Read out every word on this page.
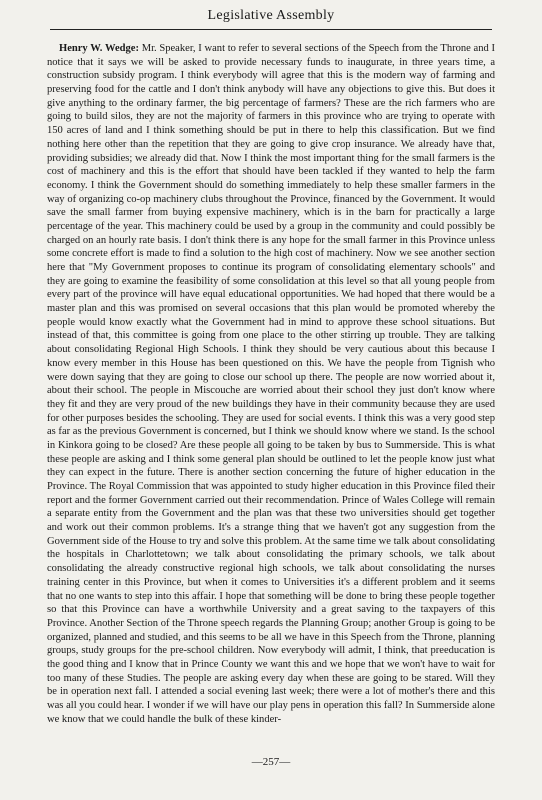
Legislative Assembly

Henry W. Wedge: Mr. Speaker, I want to refer to several sections of the Speech from the Throne and I notice that it says we will be asked to provide necessary funds to inaugurate, in three years time, a construction subsidy program. I think everybody will agree that this is the modern way of farming and preserving food for the cattle and I don't think anybody will have any objections to give this. But does it give anything to the ordinary farmer, the big percentage of farmers? These are the rich farmers who are going to build silos, they are not the majority of farmers in this province who are trying to operate with 150 acres of land and I think something should be put in there to help this classification. But we find nothing here other than the repetition that they are going to give crop insurance. We already have that, providing subsidies; we already did that. Now I think the most important thing for the small farmers is the cost of machinery and this is the effort that should have been tackled if they wanted to help the farm economy. I think the Government should do something immediately to help these smaller farmers in the way of organizing co-op machinery clubs throughout the Province, financed by the Government. It would save the small farmer from buying expensive machinery, which is in the barn for practically a large percentage of the year. This machinery could be used by a group in the community and could possibly be charged on an hourly rate basis. I don't think there is any hope for the small farmer in this Province unless some concrete effort is made to find a solution to the high cost of machinery. Now we see another section here that "My Government proposes to continue its program of consolidating elementary schools" and they are going to examine the feasibility of some consolidation at this level so that all young people from every part of the province will have equal educational opportunities. We had hoped that there would be a master plan and this was promised on several occasions that this plan would be promoted whereby the people would know exactly what the Government had in mind to approve these school situations. But instead of that, this committee is going from one place to the other stirring up trouble. They are talking about consolidating Regional High Schools. I think they should be very cautious about this because I know every member in this House has been questioned on this. We have the people from Tignish who were down saying that they are going to close our school up there. The people are now worried about it, about their school. The people in Miscouche are worried about their school they just don't know where they fit and they are very proud of the new buildings they have in their community because they are used for other purposes besides the schooling. They are used for social events. I think this was a very good step as far as the previous Government is concerned, but I think we should know where we stand. Is the school in Kinkora going to be closed? Are these people all going to be taken by bus to Summerside. This is what these people are asking and I think some general plan should be outlined to let the people know just what they can expect in the future. There is another section concerning the future of higher education in the Province. The Royal Commission that was appointed to study higher education in this Province filed their report and the former Government carried out their recommendation. Prince of Wales College will remain a separate entity from the Government and the plan was that these two universities should get together and work out their common problems. It's a strange thing that we haven't got any suggestion from the Government side of the House to try and solve this problem. At the same time we talk about consolidating the hospitals in Charlottetown; we talk about consolidating the primary schools, we talk about consolidating the already constructive regional high schools, we talk about consolidating the nurses training center in this Province, but when it comes to Universities it's a different problem and it seems that no one wants to step into this affair. I hope that something will be done to bring these people together so that this Province can have a worthwhile University and a great saving to the taxpayers of this Province. Another Section of the Throne speech regards the Planning Group; another Group is going to be organized, planned and studied, and this seems to be all we have in this Speech from the Throne, planning groups, study groups for the pre-school children. Now everybody will admit, I think, that preeducation is the good thing and I know that in Prince County we want this and we hope that we won't have to wait for too many of these Studies. The people are asking every day when these are going to be stared. Will they be in operation next fall. I attended a social evening last week; there were a lot of mother's there and this was all you could hear. I wonder if we will have our play pens in operation this fall? In Summerside alone we know that we could handle the bulk of these kinder-

—257—
